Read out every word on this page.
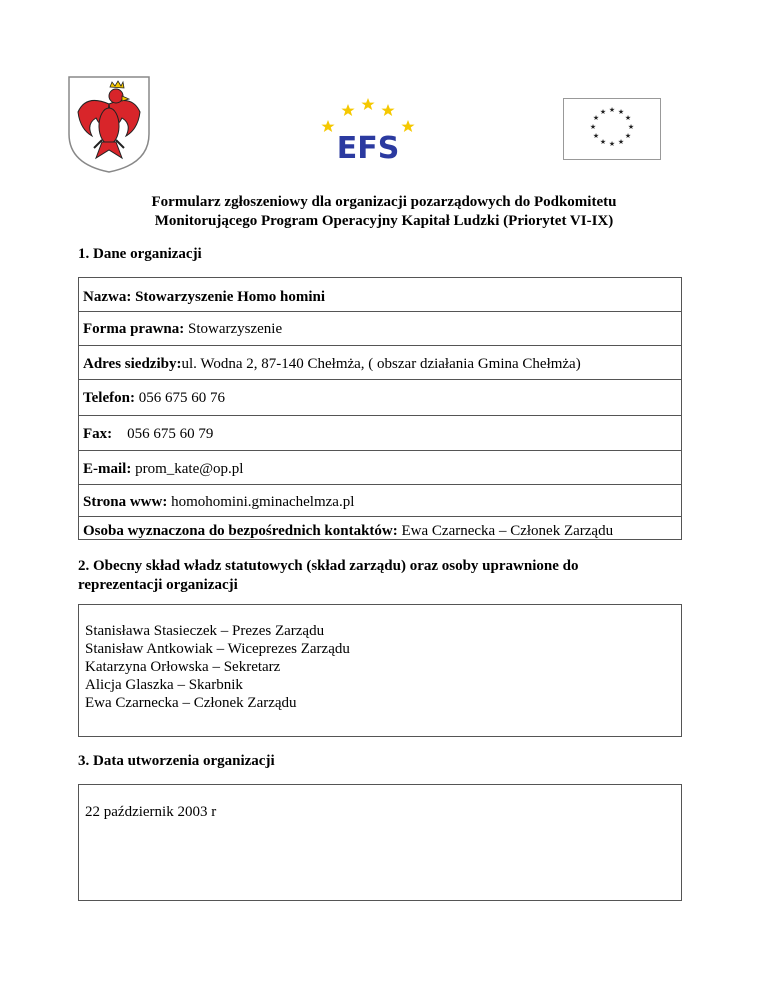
EFS
★ ★
★
★
★
★
★
★
★
★
★
★
Formularz zgłoszeniowy dla organizacji pozarządowych do Podkomitetu
Monitorującego Program Operacyjny Kapitał Ludzki (Priorytet VI-IX)
1. Dane organizacji
Nazwa: Stowarzyszenie Homo homini
Forma prawna: Stowarzyszenie
Adres siedziby:ul. Wodna 2, 87-140 Chełmża, ( obszar działania Gmina Chełmża)
Telefon: 056 675 60 76
Fax:    056 675 60 79
E-mail: prom_kate@op.pl
Strona www: homohomini.gminachelmza.pl
Osoba wyznaczona do bezpośrednich kontaktów: Ewa Czarnecka – Członek Zarządu
2. Obecny skład władz statutowych (skład zarządu) oraz osoby uprawnione do
reprezentacji organizacji
Stanisława Stasieczek – Prezes Zarządu
Stanisław Antkowiak – Wiceprezes Zarządu
Katarzyna Orłowska – Sekretarz
Alicja Glaszka – Skarbnik
Ewa Czarnecka – Członek Zarządu
3. Data utworzenia organizacji
22 październik 2003 r
